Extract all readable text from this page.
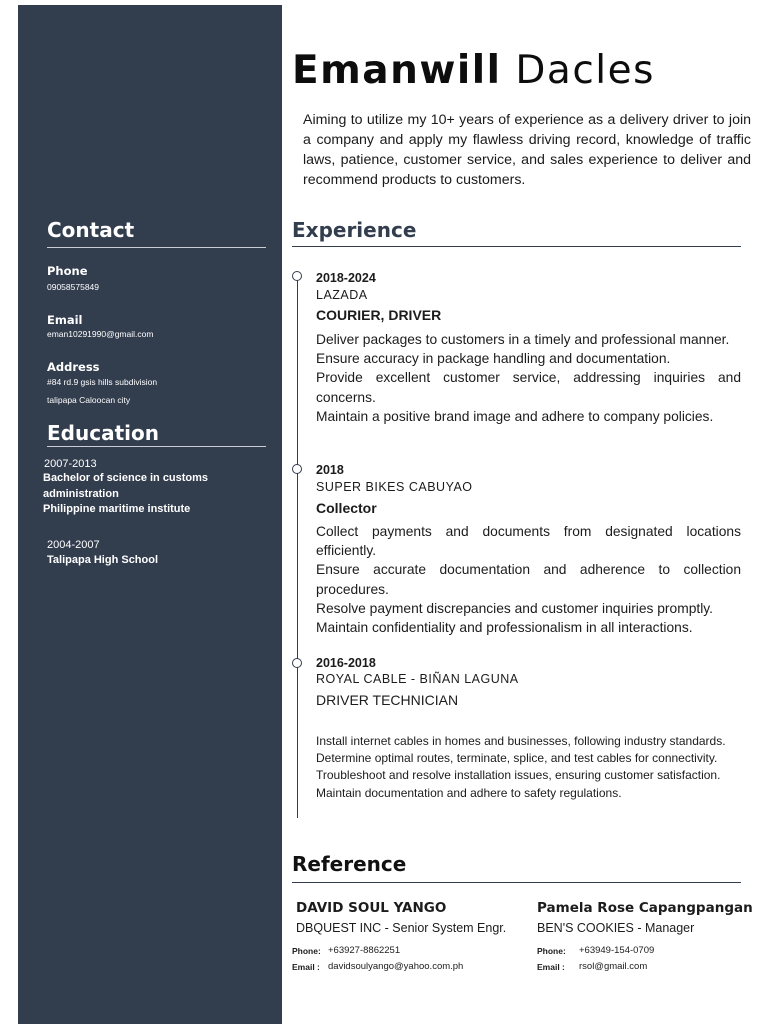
Contact
Phone
09058575849
Email
eman10291990@gmail.com
Address
#84 rd.9 gsis hills subdivision
talipapa Caloocan city
Education
2007-2013
Bachelor of science in customs
administration
Philippine maritime institute
2004-2007
Talipapa High School
Emanwill Dacles
Aiming to utilize my 10+ years of experience as a delivery driver to join a company and apply my flawless driving record, knowledge of traffic laws, patience, customer service, and sales experience to deliver and recommend products to customers.
Experience
2018-2024
LAZADA
COURIER, DRIVER
Deliver packages to customers in a timely and professional manner.
Ensure accuracy in package handling and documentation.
Provide excellent customer service, addressing inquiries and concerns.
Maintain a positive brand image and adhere to company policies.
2018
SUPER BIKES CABUYAO
Collector
Collect payments and documents from designated locations efficiently.
Ensure accurate documentation and adherence to collection procedures.
Resolve payment discrepancies and customer inquiries promptly.
Maintain confidentiality and professionalism in all interactions.
2016-2018
ROYAL CABLE - BIÑAN LAGUNA
DRIVER TECHNICIAN
Install internet cables in homes and businesses, following industry standards.
Determine optimal routes, terminate, splice, and test cables for connectivity.
Troubleshoot and resolve installation issues, ensuring customer satisfaction.
Maintain documentation and adhere to safety regulations.
Reference
DAVID SOUL YANGO
DBQUEST INC - Senior System Engr.
Phone: +63927-8862251
Email : davidsoulyango@yahoo.com.ph
Pamela Rose Capangpangan
BEN'S COOKIES - Manager
Phone: +63949-154-0709
Email : rsol@gmail.com
